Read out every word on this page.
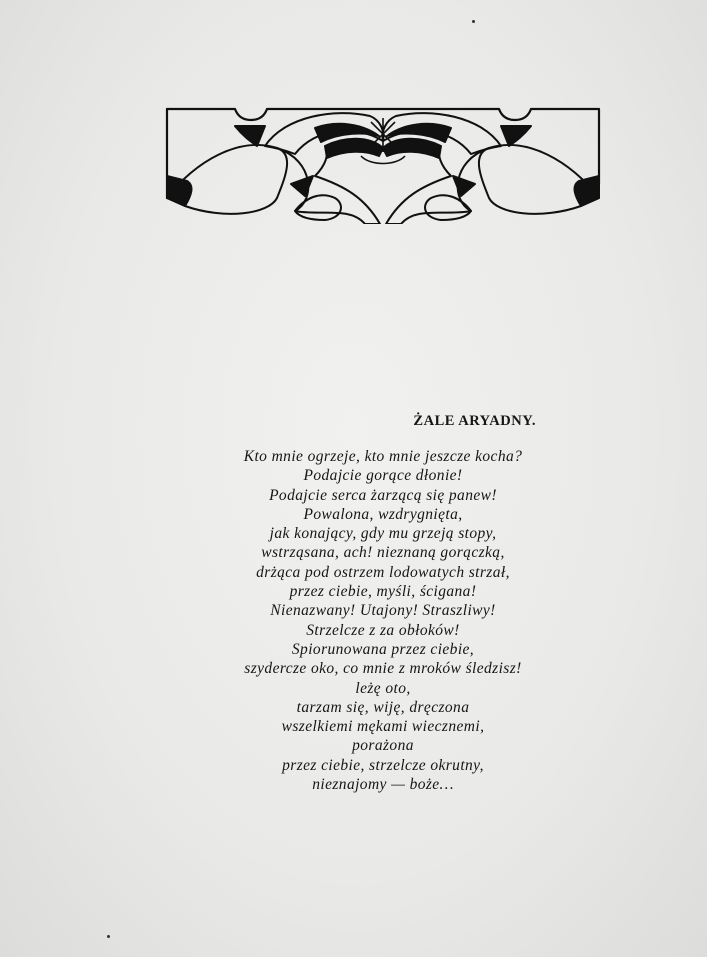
ŻALE ARYADNY.
Kto mnie ogrzeje, kto mnie jeszcze kocha?
Podajcie gorące dłonie!
Podajcie serca żarzącą się panew!
Powalona, wzdrygnięta,
jak konający, gdy mu grzeją stopy,
wstrząsana, ach! nieznaną gorączką,
drżąca pod ostrzem lodowatych strzał,
przez ciebie, myśli, ścigana!
Nienazwany! Utajony! Straszliwy!
Strzelcze z za obłoków!
Spiorunowana przez ciebie,
szydercze oko, co mnie z mroków śledzisz!
leżę oto,
tarzam się, wiję, dręczona
wszelkiemi mękami wiecznemi,
porażona
przez ciebie, strzelcze okrutny,
nieznajomy — boże…
